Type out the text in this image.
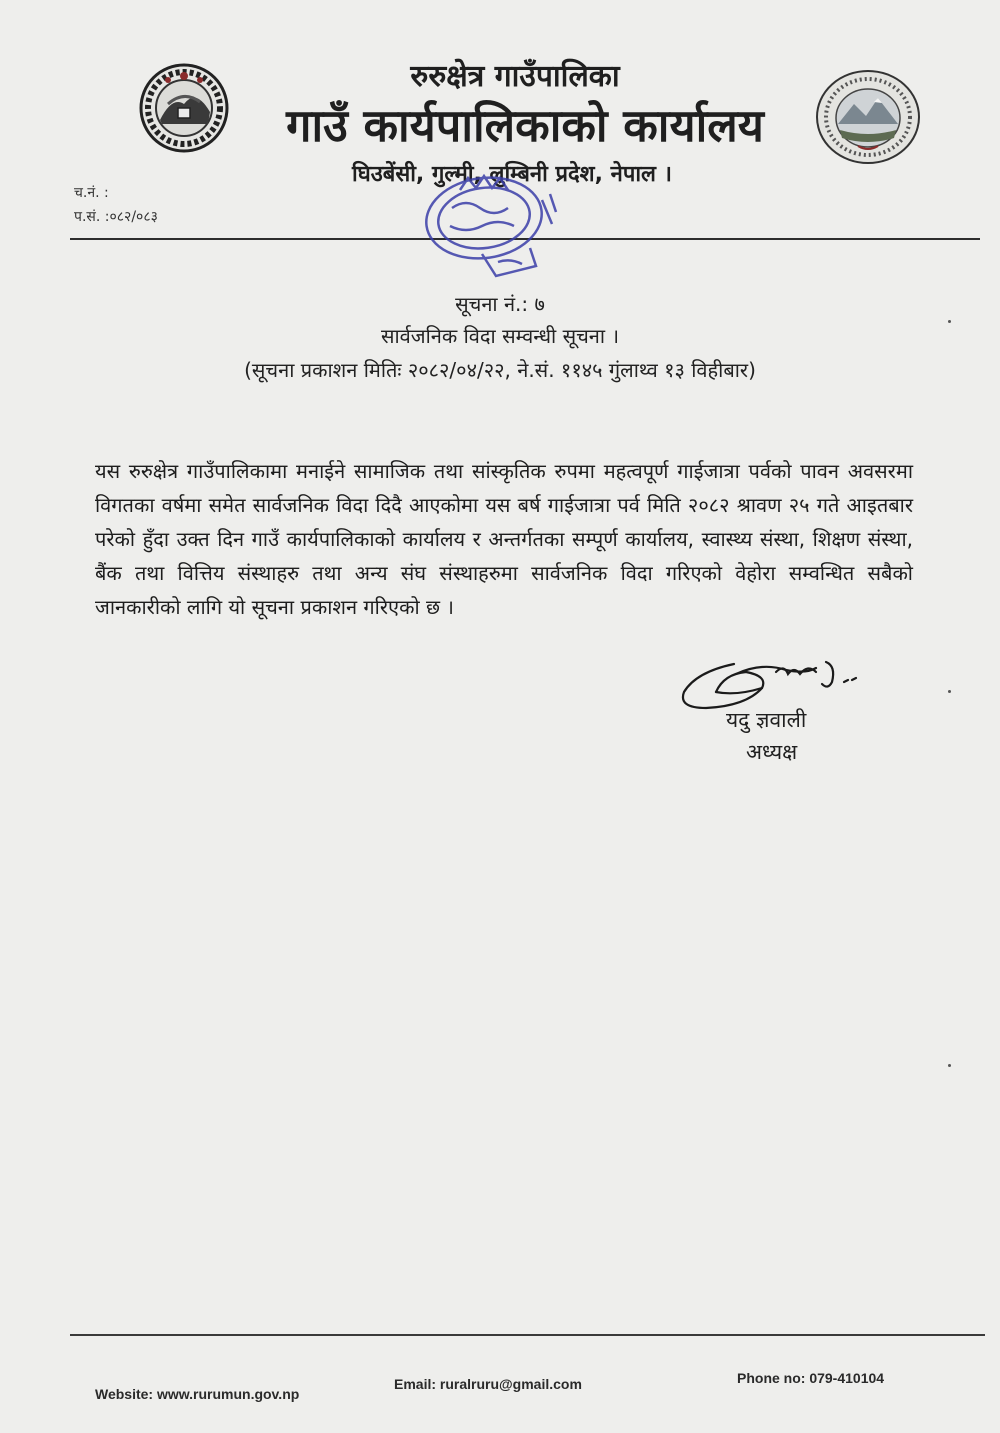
रुरुक्षेत्र गाउँपालिका
गाउँ कार्यपालिकाको कार्यालय
घिउबेंसी, गुल्मी, लुम्बिनी प्रदेश, नेपाल ।
च.नं. :
प.सं. :०८२/०८३
सूचना नं.: ७
सार्वजनिक विदा सम्वन्धी सूचना ।
(सूचना प्रकाशन मितिः २०८२/०४/२२, ने.सं. ११४५ गुंलाथ्व १३ विहीबार)
यस रुरुक्षेत्र गाउँपालिकामा मनाईने सामाजिक तथा सांस्कृतिक रुपमा महत्वपूर्ण गाईजात्रा पर्वको पावन अवसरमा विगतका वर्षमा समेत सार्वजनिक विदा दिदै आएकोमा यस बर्ष गाईजात्रा पर्व मिति २०८२ श्रावण २५ गते आइतबार परेको हुँदा उक्त दिन गाउँ कार्यपालिकाको कार्यालय र अन्तर्गतका सम्पूर्ण कार्यालय, स्वास्थ्य संस्था, शिक्षण संस्था, बैंक तथा वित्तिय संस्थाहरु तथा अन्य संघ संस्थाहरुमा सार्वजनिक विदा गरिएको वेहोरा सम्वन्धित सबैको जानकारीको लागि यो सूचना प्रकाशन गरिएको छ ।
यदु ज्ञवाली
अध्यक्ष
Website: www.rurumun.gov.np
Email: ruralruru@gmail.com	Phone no: 079-410104
